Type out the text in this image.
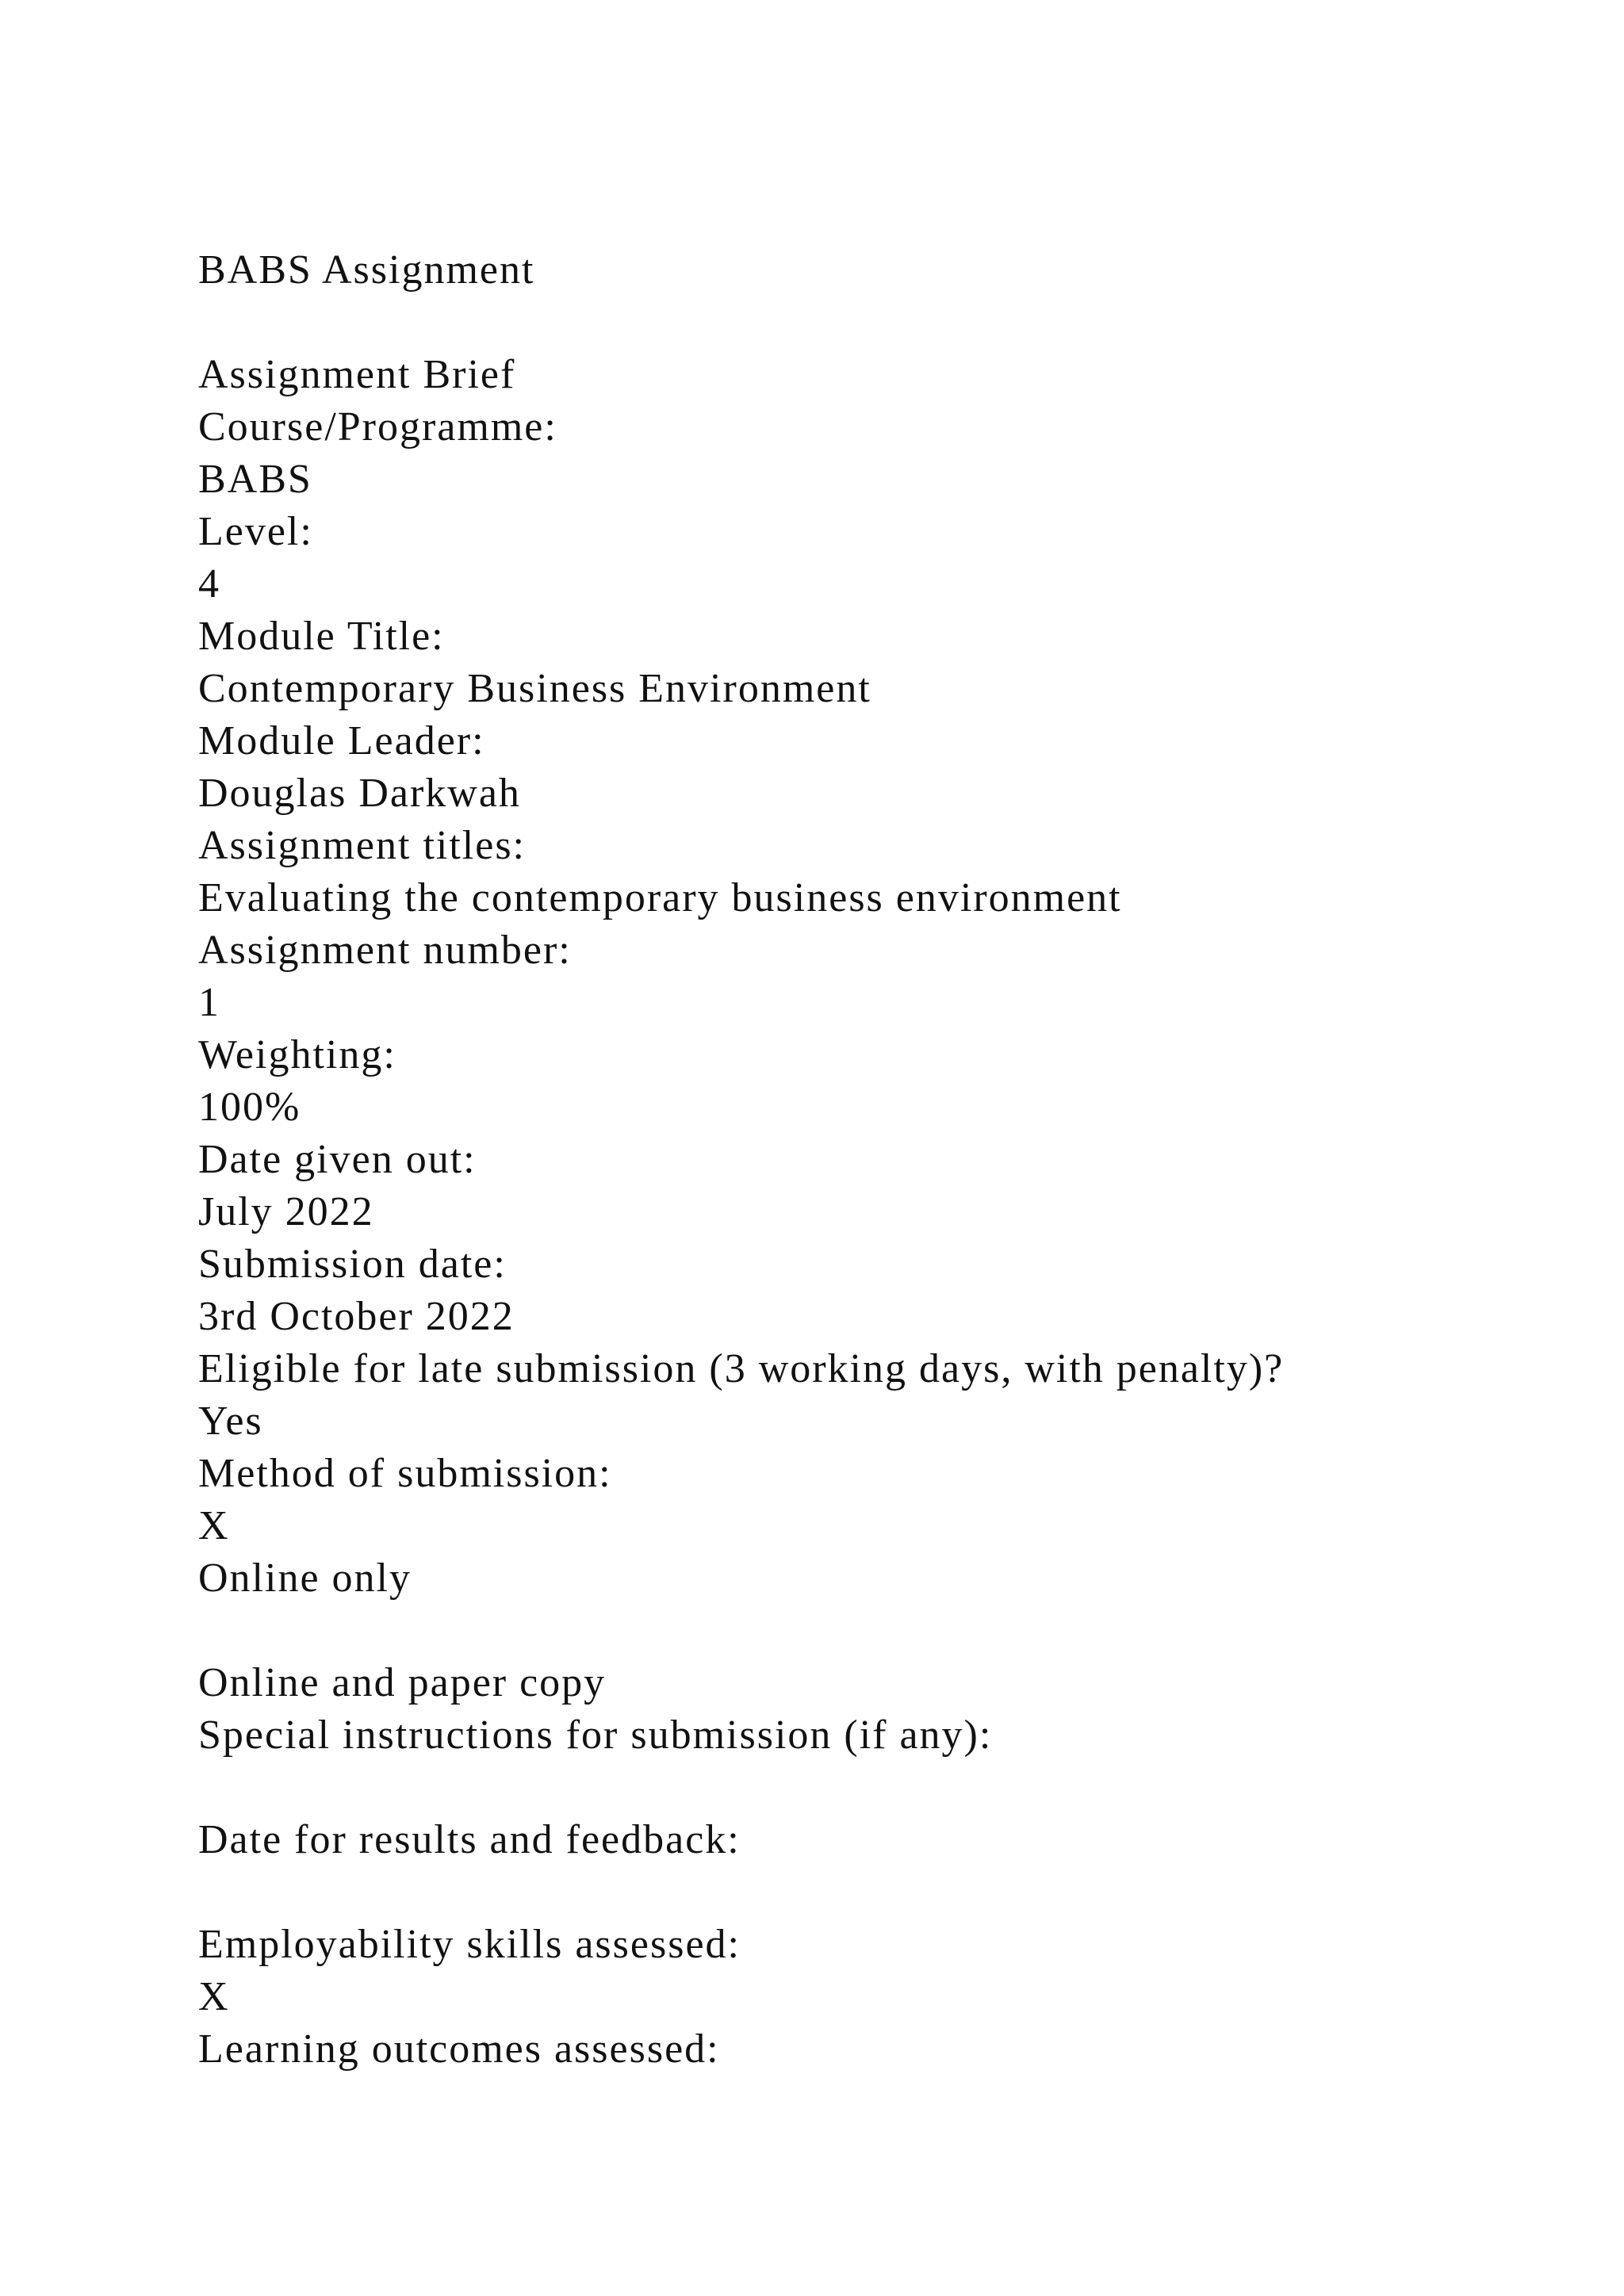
BABS Assignment
Assignment Brief
Course/Programme:
BABS
Level:
4
Module Title:
Contemporary Business Environment
Module Leader:
Douglas Darkwah
Assignment titles:
Evaluating the contemporary business environment
Assignment number:
1
Weighting:
100%
Date given out:
July 2022
Submission date:
3rd October 2022
Eligible for late submission (3 working days, with penalty)?
Yes
Method of submission:
X
Online only
Online and paper copy
Special instructions for submission (if any):
Date for results and feedback:
Employability skills assessed:
X
Learning outcomes assessed:
